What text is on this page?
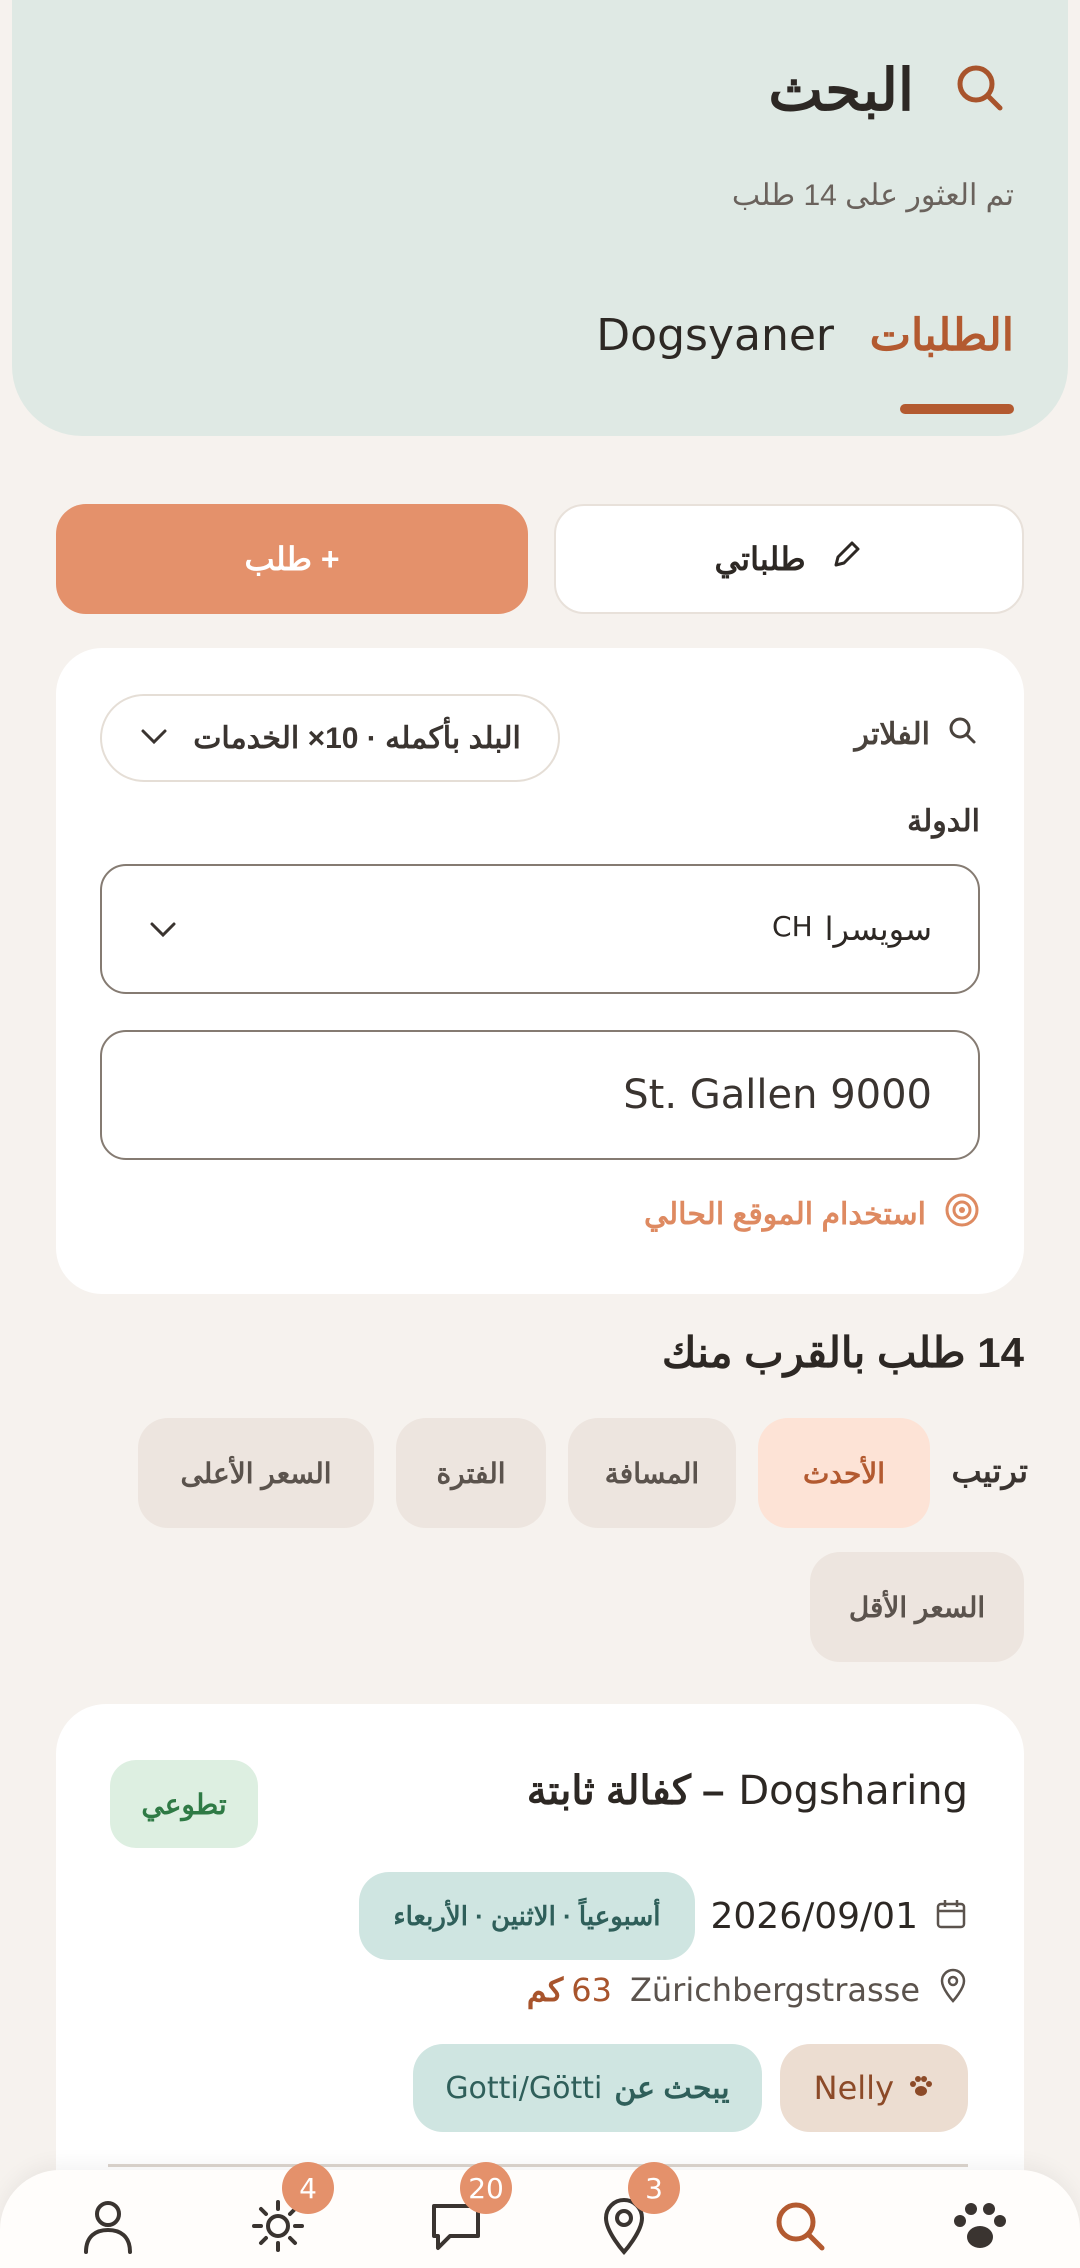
البحث
تم العثور على 14 طلب
الطلبات
Dogsyaner
طلباتي
+ طلب
الفلاتر
البلد بأكمله · 10× الخدمات
الدولة
سويسرا
CH
St. Gallen 9000
استخدام الموقع الحالي
14 طلب بالقرب منك
ترتيب
الأحدث
المسافة
الفترة
السعر الأعلى
السعر الأقل
Dogsharing
– كفالة ثابتة
تطوعي
2026/09/01
أسبوعياً · الاثنين · الأربعاء
Zürichbergstrasse
63
كم
Nelly
يبحث عن
Gotti/Götti
4	20	3
